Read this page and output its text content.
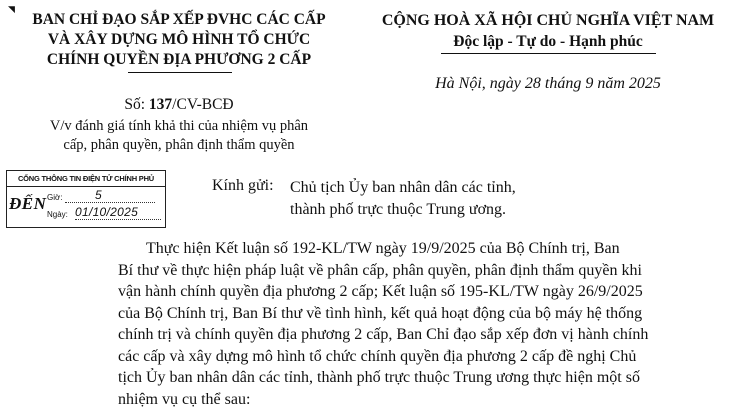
◥
BAN CHỈ ĐẠO SẮP XẾP ĐVHC CÁC CẤP
VÀ XÂY DỰNG MÔ HÌNH TỔ CHỨC
CHÍNH QUYỀN ĐỊA PHƯƠNG 2 CẤP
CỘNG HOÀ XÃ HỘI CHỦ NGHĨA VIỆT NAM
Độc lập - Tự do - Hạnh phúc
Hà Nội, ngày 28 tháng 9 năm 2025
Số: 137/CV-BCĐ
V/v đánh giá tính khả thi của nhiệm vụ phân
cấp, phân quyền, phân định thẩm quyền
CỔNG THÔNG TIN ĐIỆN TỬ CHÍNH PHỦ
ĐẾN Giờ:	5
Ngày: 01/10/2025
Kính gửi: Chủ tịch Ủy ban nhân dân các tỉnh,
thành phố trực thuộc Trung ương.
Thực hiện Kết luận số 192-KL/TW ngày 19/9/2025 của Bộ Chính trị, Ban
Bí thư về thực hiện pháp luật về phân cấp, phân quyền, phân định thẩm quyền khi
vận hành chính quyền địa phương 2 cấp; Kết luận số 195-KL/TW ngày 26/9/2025
của Bộ Chính trị, Ban Bí thư về tình hình, kết quả hoạt động của bộ máy hệ thống
chính trị và chính quyền địa phương 2 cấp, Ban Chỉ đạo sắp xếp đơn vị hành chính
các cấp và xây dựng mô hình tổ chức chính quyền địa phương 2 cấp đề nghị Chủ
tịch Ủy ban nhân dân các tỉnh, thành phố trực thuộc Trung ương thực hiện một số
nhiệm vụ cụ thể sau:
